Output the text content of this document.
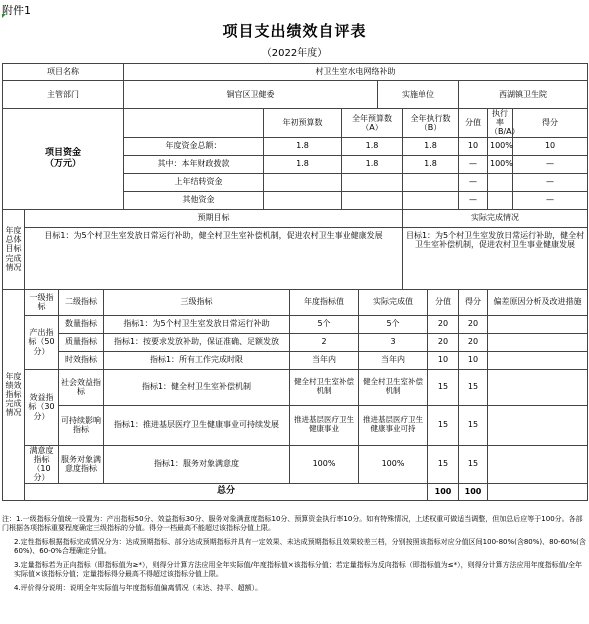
附件1
项目支出绩效自评表
（2022年度）
项目名称				村卫生室水电网络补助										
主管部门				铜官区卫健委					实施单位			西湖镇卫生院		
项目资金
（万元）					年初预算数		全年预算数（A）			全年执行数（B）		分值	执行率（B/A）	得分
				年度资金总额：	1.8		1.8			1.8		10	100%	10
				其中：本年财政拨款	1.8		1.8			1.8		—	100%	—
				上年结转资金								—		—
				其他资金								—		—
年度总体目标完成情况	预期目标									实际完成情况				
	目标1：为5个村卫生室发放日常运行补助，健全村卫生室补偿机制，促进农村卫生事业健康发展									目标1：为5个村卫生室发放日常运行补助，健全村卫生室补偿机制，促进农村卫生事业健康发展				
年度绩效指标完成情况	一级指标	二级指标	三级指标			年度指标值		实际完成值			分值	得分	偏差原因分析及改进措施	
	产出指标（50分）	数量指标	指标1：为5个村卫生室发放日常运行补助			5个		5个			20	20		
		质量指标	指标1：按要求发放补助，保证准确、足额发放			2		3			20	20		
		时效指标	指标1：所有工作完成时限			当年内		当年内			10	10		
	效益指标（30分）	社会效益指标	指标1：健全村卫生室补偿机制			健全村卫生室补偿机制		健全村卫生室补偿机制			15	15		
		可持续影响指标	指标1：推进基层医疗卫生健康事业可持续发展			推进基层医疗卫生健康事业		推进基层医疗卫生健康事业可持			15	15		
	满意度指标（10分）	服务对象满意度指标	指标1：服务对象满意度			100%		100%			15	15		
	总分										100	100		

注：1.一级指标分值统一设置为：产出指标50分、效益指标30分、服务对象满意度指标10分、预算资金执行率10分。如有特殊情况，上述权重可做适当调整，但加总后应等于100分。各部门根据各项指标重要程度确定三级指标的分值。得分一档最高不能超过该指标分值上限。

2.定性指标根据指标完成情况分为：达成预期指标、部分达成预期指标并具有一定效果、未达成预期指标且效果较差三档，分别按照该指标对应分值区间100-80%(含80%)、80-60%(含60%)、60-0%合理确定分值。

3.定量指标若为正向指标（即指标值为≥*），则得分计算方法应用全年实际值/年度指标值×该指标分值；若定量指标为反向指标（即指标值为≤*），则得分计算方法应用年度指标值/全年实际值×该指标分值；定量指标得分最高不得超过该指标分值上限。

4.评价得分说明：说明全年实际值与年度指标值偏离情况（未达、持平、超额）。
